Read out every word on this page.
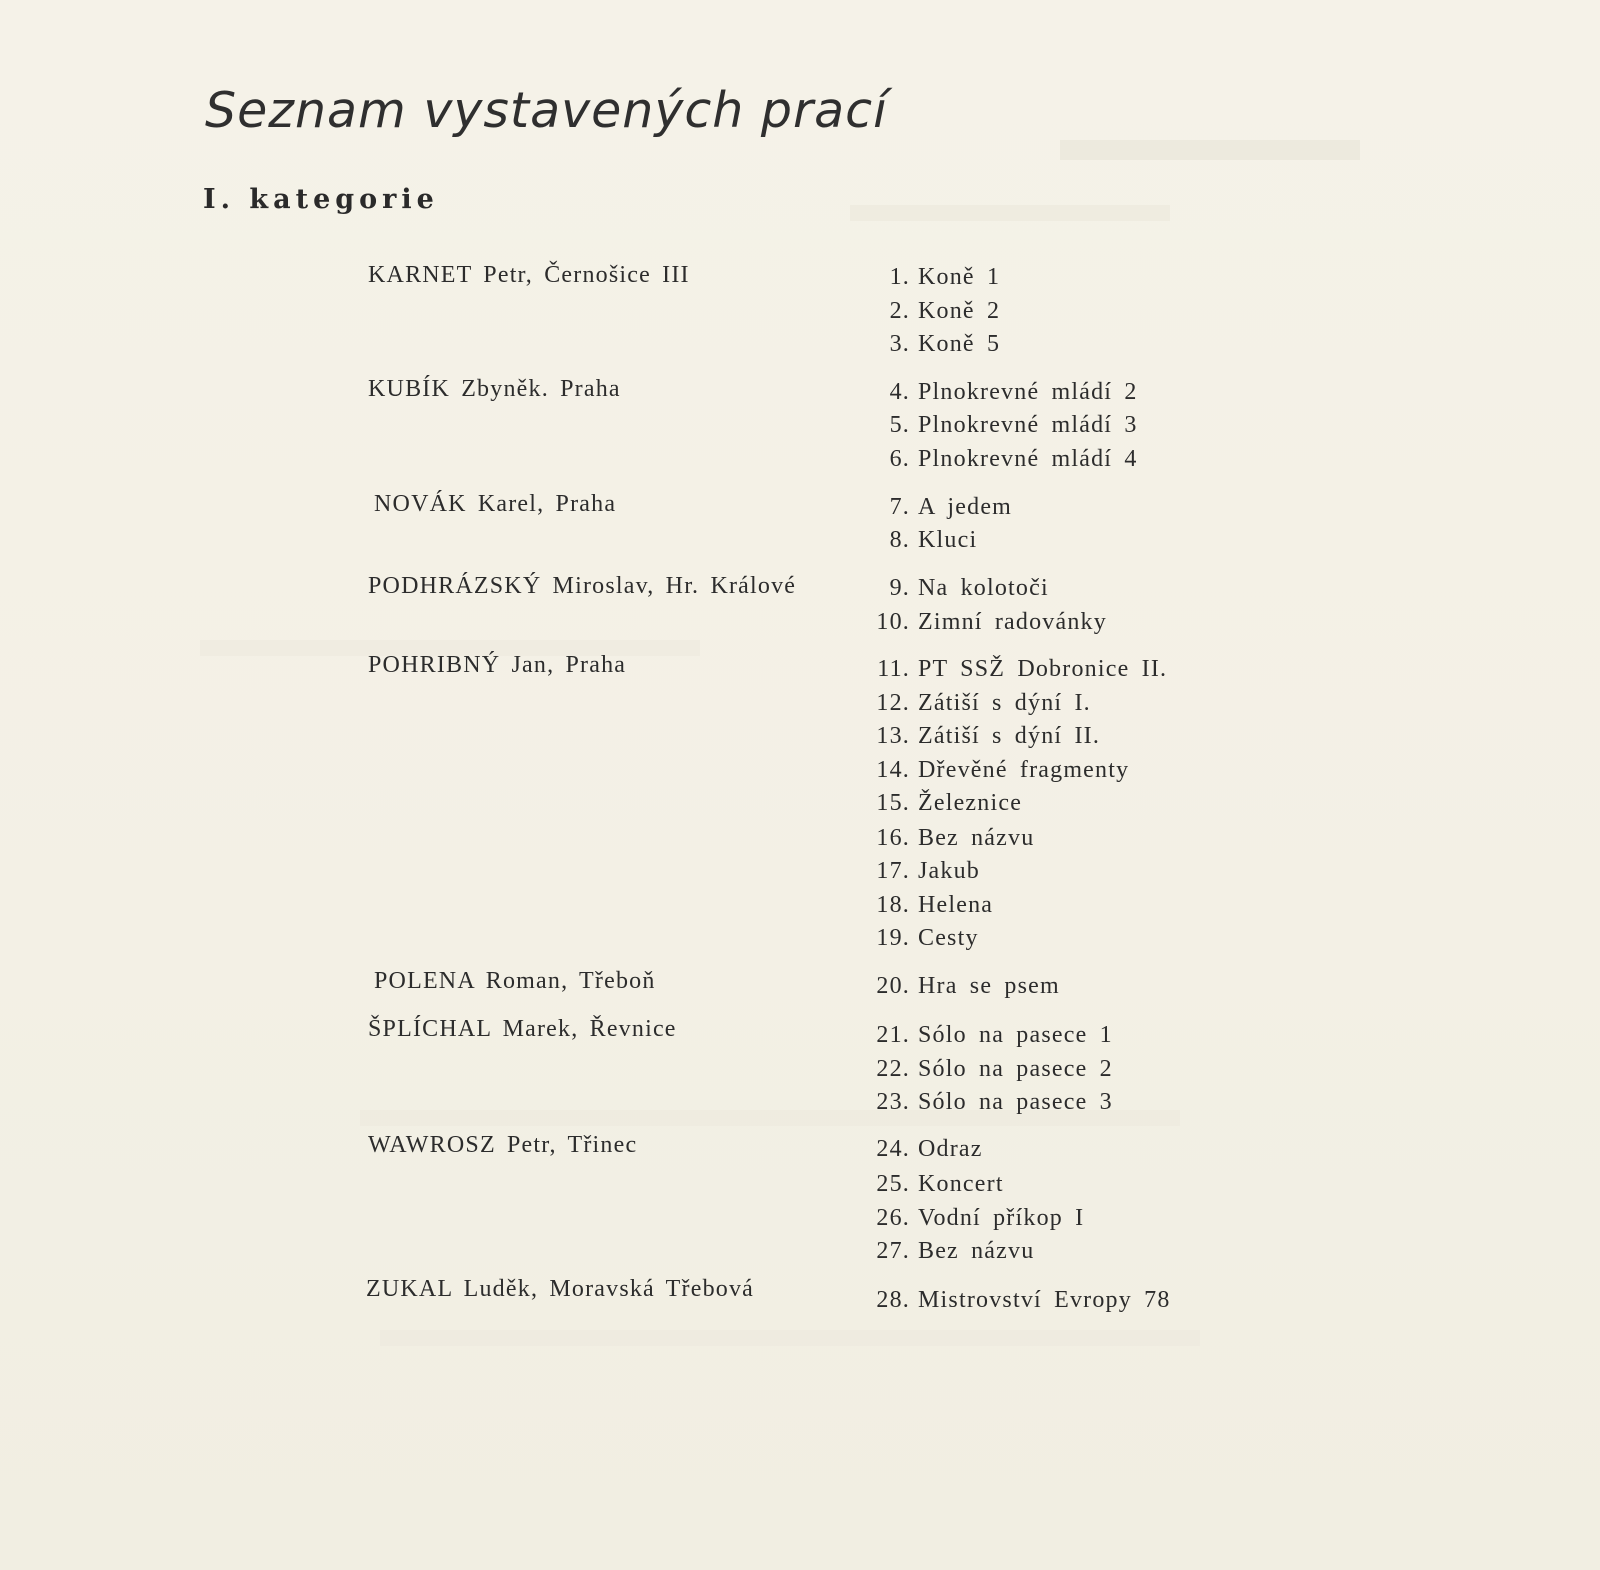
Seznam vystavených prací
I. kategorie
KARNET Petr, Černošice III
KUBÍK Zbyněk. Praha
NOVÁK Karel, Praha
PODHRÁZSKÝ Miroslav, Hr. Králové
POHRIBNÝ Jan, Praha
POLENA Roman, Třeboň
ŠPLÍCHAL Marek, Řevnice
WAWROSZ Petr, Třinec
ZUKAL Luděk, Moravská Třebová
1. Koně 1
2. Koně 2
3. Koně 5
4. Plnokrevné mládí 2
5. Plnokrevné mládí 3
6. Plnokrevné mládí 4
7. A jedem
8. Kluci
9. Na kolotoči
10. Zimní radovánky
11. PT SSŽ Dobronice II.
12. Zátiší s dýní I.
13. Zátiší s dýní II.
14. Dřevěné fragmenty
15. Železnice
16. Bez názvu
17. Jakub
18. Helena
19. Cesty
20. Hra se psem
21. Sólo na pasece 1
22. Sólo na pasece 2
23. Sólo na pasece 3
24. Odraz
25. Koncert
26. Vodní příkop I
27. Bez názvu
28. Mistrovství Evropy 78
